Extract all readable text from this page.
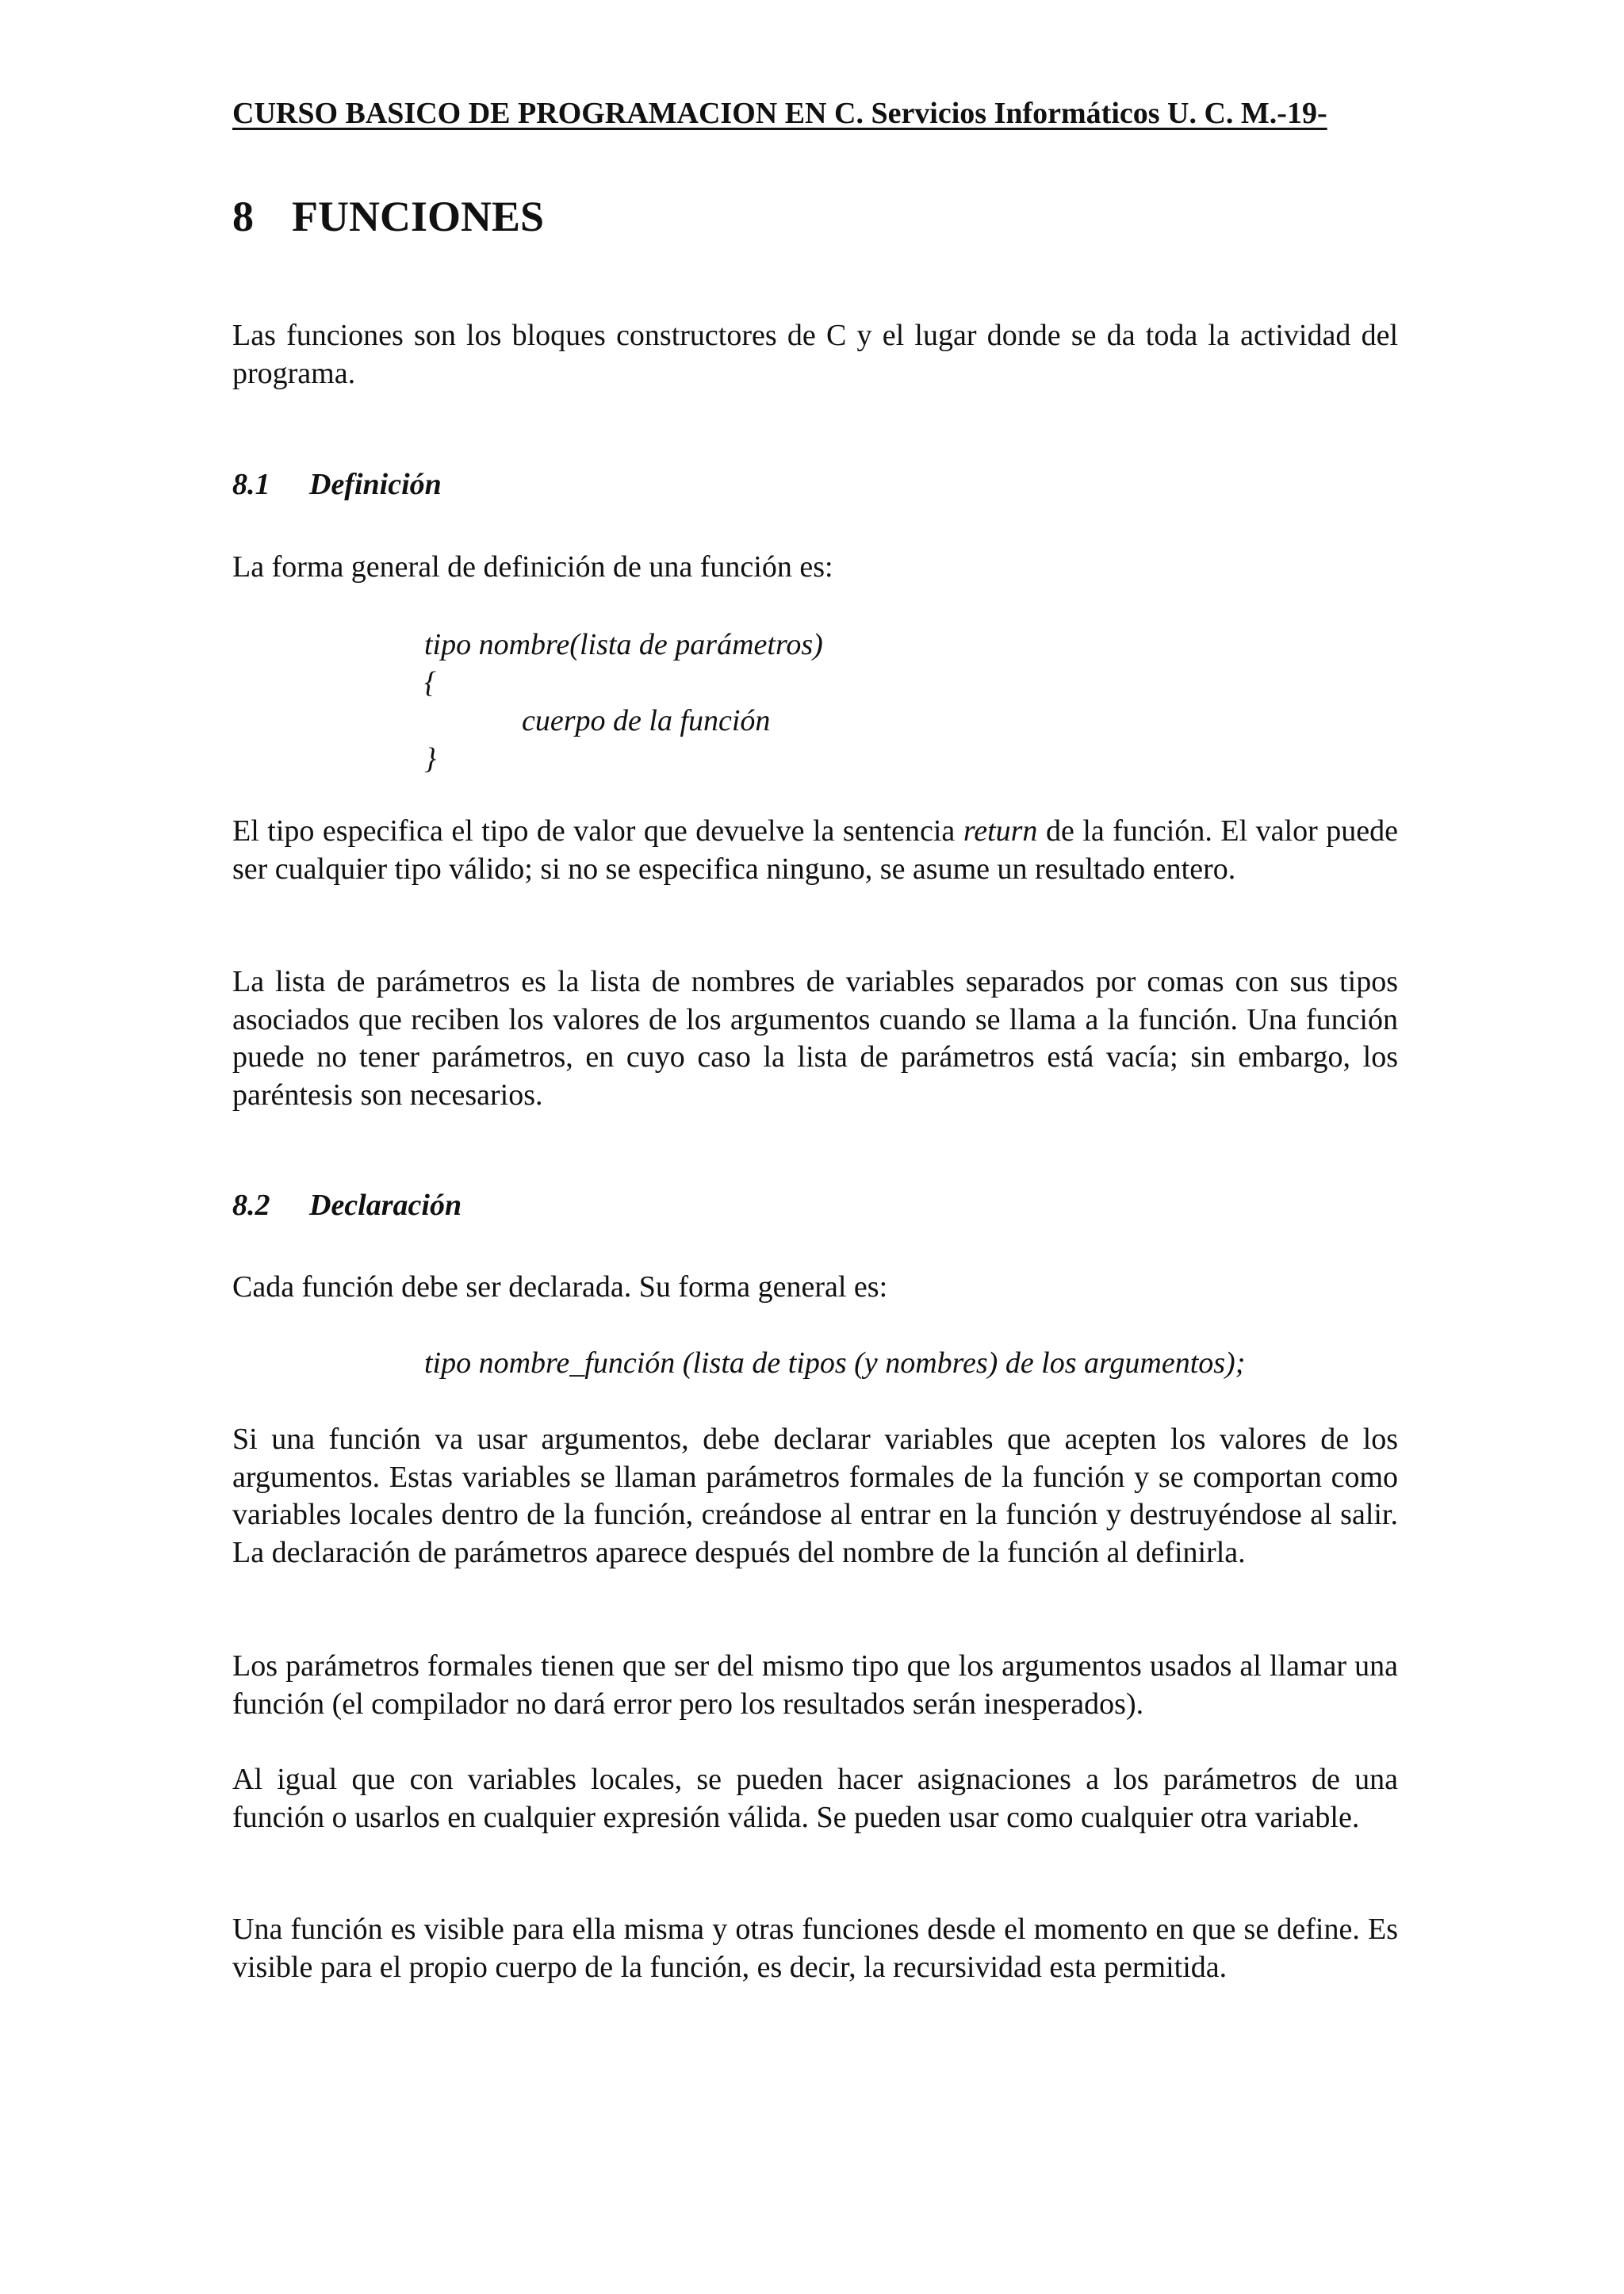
CURSO BASICO DE PROGRAMACION EN C. Servicios Informáticos U. C. M.-19-
8 FUNCIONES
Las funciones son los bloques constructores de C y el lugar donde se da toda la actividad del programa.
8.1 Definición
La forma general de definición de una función es:
tipo nombre(lista de parámetros)
{
cuerpo de la función
}
El tipo especifica el tipo de valor que devuelve la sentencia return de la función. El valor puede ser cualquier tipo válido; si no se especifica ninguno, se asume un resultado entero.
La lista de parámetros es la lista de nombres de variables separados por comas con sus tipos asociados que reciben los valores de los argumentos cuando se llama a la función. Una función puede no tener parámetros, en cuyo caso la lista de parámetros está vacía; sin embargo, los paréntesis son necesarios.
8.2 Declaración
Cada función debe ser declarada. Su forma general es:
tipo nombre_función (lista de tipos (y nombres) de los argumentos);
Si una función va usar argumentos, debe declarar variables que acepten los valores de los argumentos. Estas variables se llaman parámetros formales de la función y se comportan como variables locales dentro de la función, creándose al entrar en la función y destruyéndose al salir. La declaración de parámetros aparece después del nombre de la función al definirla.
Los parámetros formales tienen que ser del mismo tipo que los argumentos usados al llamar una función (el compilador no dará error pero los resultados serán inesperados).
Al igual que con variables locales, se pueden hacer asignaciones a los parámetros de una función o usarlos en cualquier expresión válida. Se pueden usar como cualquier otra variable.
Una función es visible para ella misma y otras funciones desde el momento en que se define. Es visible para el propio cuerpo de la función, es decir, la recursividad esta permitida.
